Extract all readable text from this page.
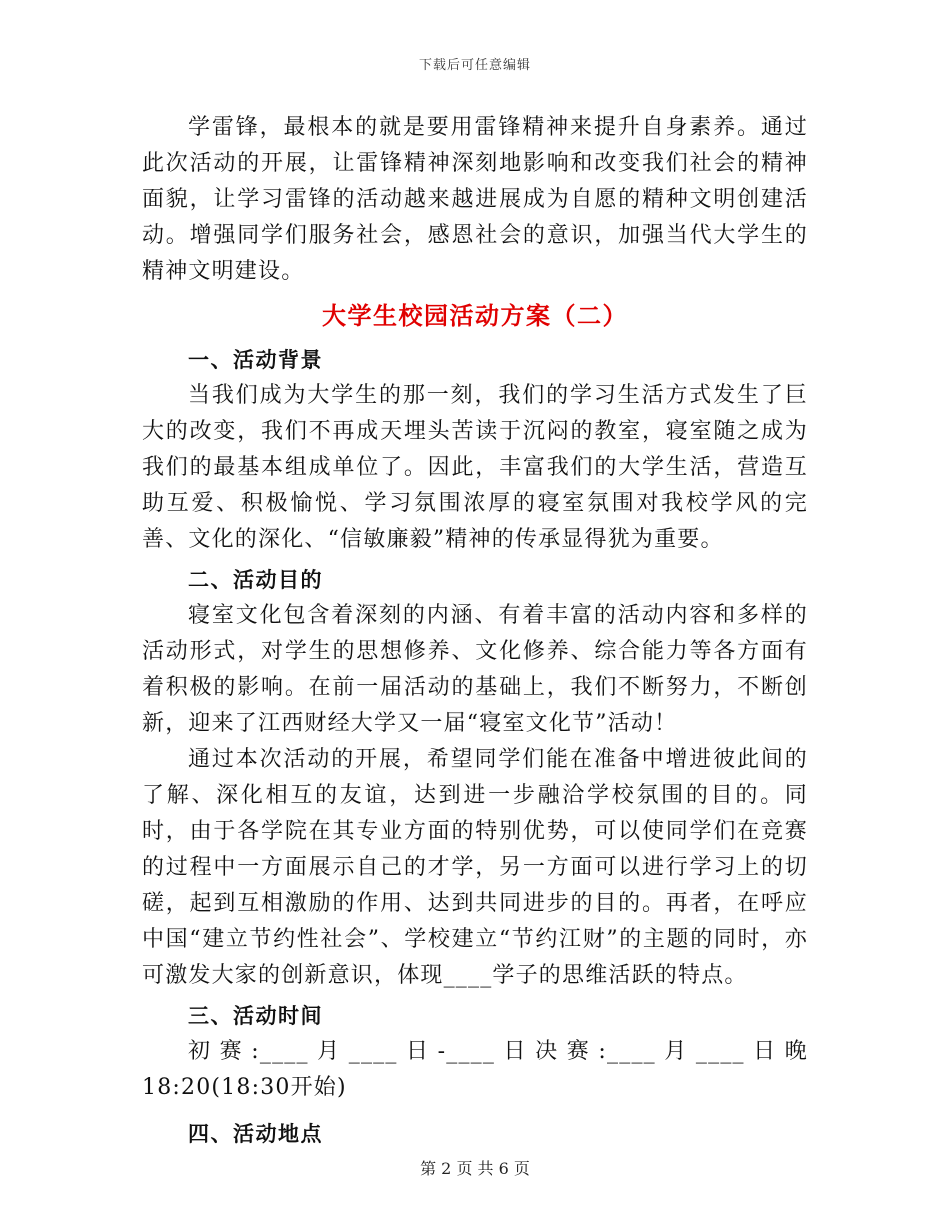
下载后可任意编辑

学雷锋，最根本的就是要用雷锋精神来提升自身素养。通过此次活动的开展，让雷锋精神深刻地影响和改变我们社会的精神面貌，让学习雷锋的活动越来越进展成为自愿的精种文明创建活动。增强同学们服务社会，感恩社会的意识，加强当代大学生的精神文明建设。

大学生校园活动方案（二）
一、活动背景

当我们成为大学生的那一刻，我们的学习生活方式发生了巨大的改变，我们不再成天埋头苦读于沉闷的教室，寝室随之成为我们的最基本组成单位了。因此，丰富我们的大学生活，营造互助互爱、积极愉悦、学习氛围浓厚的寝室氛围对我校学风的完善、文化的深化、“信敏廉毅”精神的传承显得犹为重要。

二、活动目的

寝室文化包含着深刻的内涵、有着丰富的活动内容和多样的活动形式，对学生的思想修养、文化修养、综合能力等各方面有着积极的影响。在前一届活动的基础上，我们不断努力，不断创新，迎来了江西财经大学又一届“寝室文化节”活动！

通过本次活动的开展，希望同学们能在准备中增进彼此间的了解、深化相互的友谊，达到进一步融洽学校氛围的目的。同时，由于各学院在其专业方面的特别优势，可以使同学们在竞赛的过程中一方面展示自己的才学，另一方面可以进行学习上的切磋，起到互相激励的作用、达到共同进步的目的。再者，在呼应中国“建立节约性社会”、学校建立“节约江财”的主题的同时，亦可激发大家的创新意识，体现____学子的思维活跃的特点。

三、活动时间

初赛:____月____日-____日决赛:____月____日晚18:20(18:30开始)

四、活动地点
第 2 页 共 6 页
